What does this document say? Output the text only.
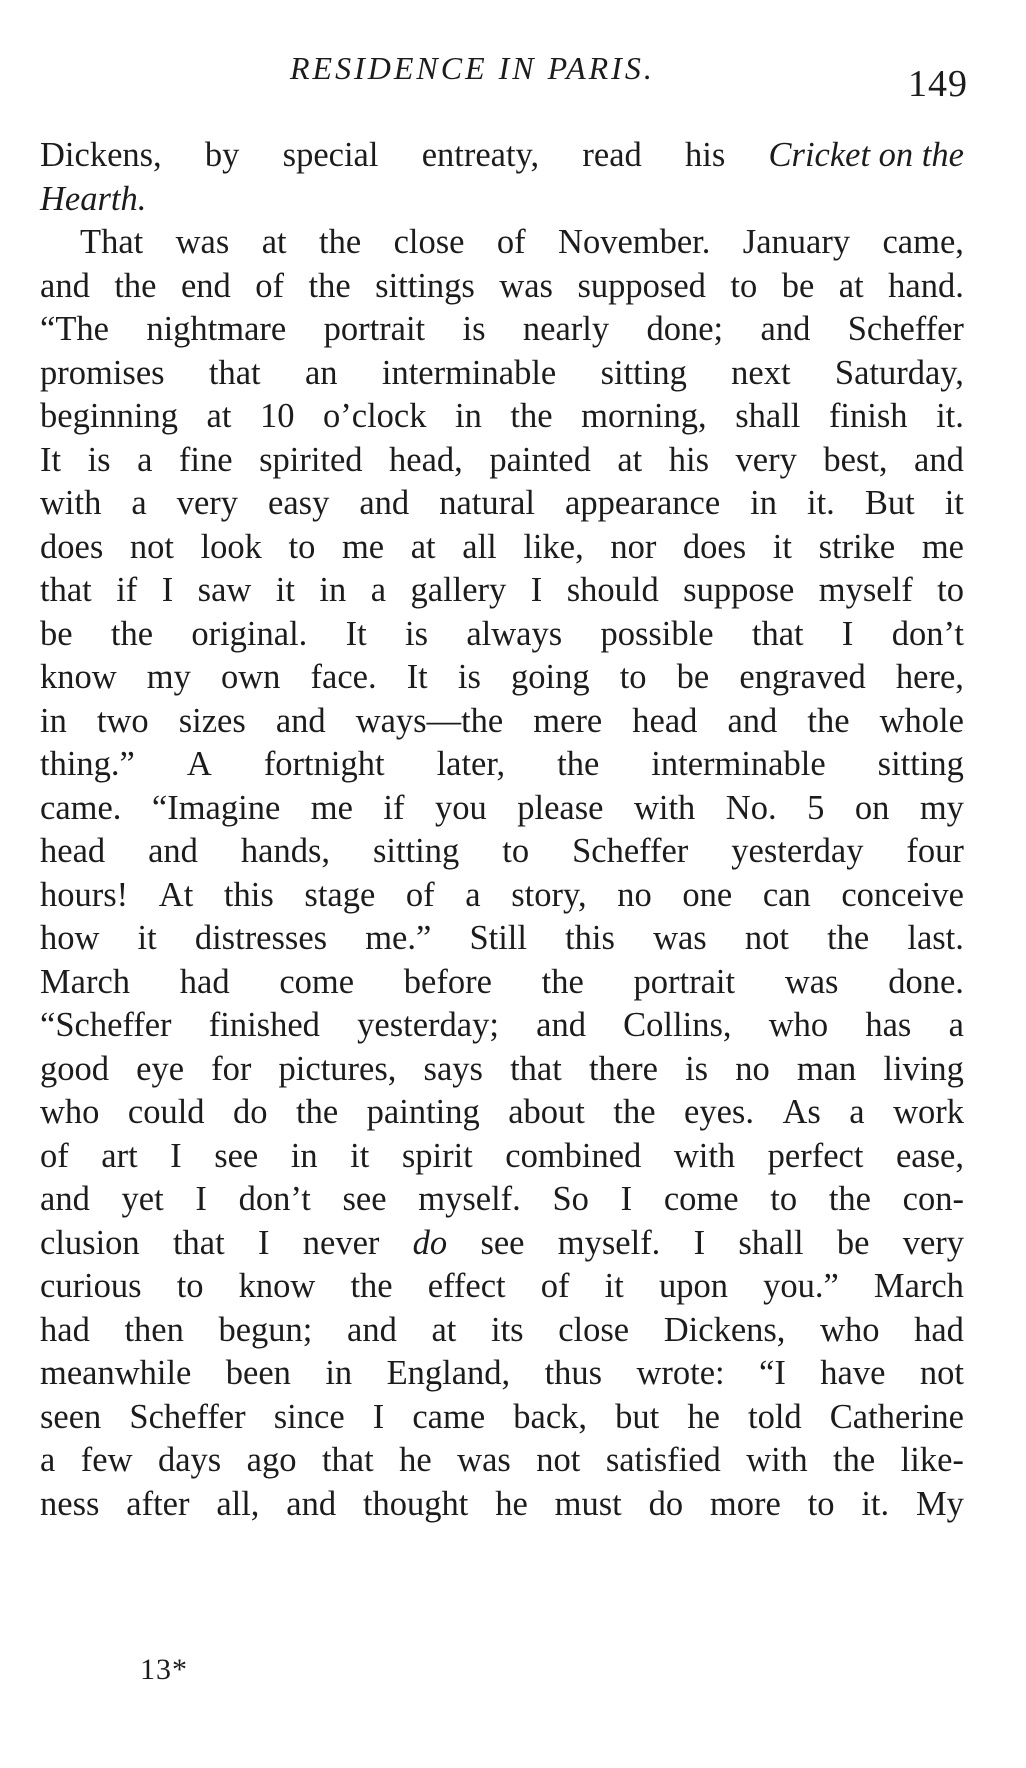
RESIDENCE IN PARIS.	149
Dickens, by special entreaty, read his Cricket on the
Hearth.
That was at the close of November. January came,
and the end of the sittings was supposed to be at hand.
“The nightmare portrait is nearly done; and Scheffer
promises that an interminable sitting next Saturday,
beginning at 10 o’clock in the morning, shall finish it.
It is a fine spirited head, painted at his very best, and
with a very easy and natural appearance in it. But it
does not look to me at all like, nor does it strike me
that if I saw it in a gallery I should suppose myself to
be the original. It is always possible that I don’t
know my own face. It is going to be engraved here,
in two sizes and ways—the mere head and the whole
thing.” A fortnight later, the interminable sitting
came. “Imagine me if you please with No. 5 on my
head and hands, sitting to Scheffer yesterday four
hours! At this stage of a story, no one can conceive
how it distresses me.” Still this was not the last.
March had come before the portrait was done.
“Scheffer finished yesterday; and Collins, who has a
good eye for pictures, says that there is no man living
who could do the painting about the eyes. As a work
of art I see in it spirit combined with perfect ease,
and yet I don’t see myself. So I come to the con-
clusion that I never do see myself. I shall be very
curious to know the effect of it upon you.” March
had then begun; and at its close Dickens, who had
meanwhile been in England, thus wrote: “I have not
seen Scheffer since I came back, but he told Catherine
a few days ago that he was not satisfied with the like-
ness after all, and thought he must do more to it. My
13*
